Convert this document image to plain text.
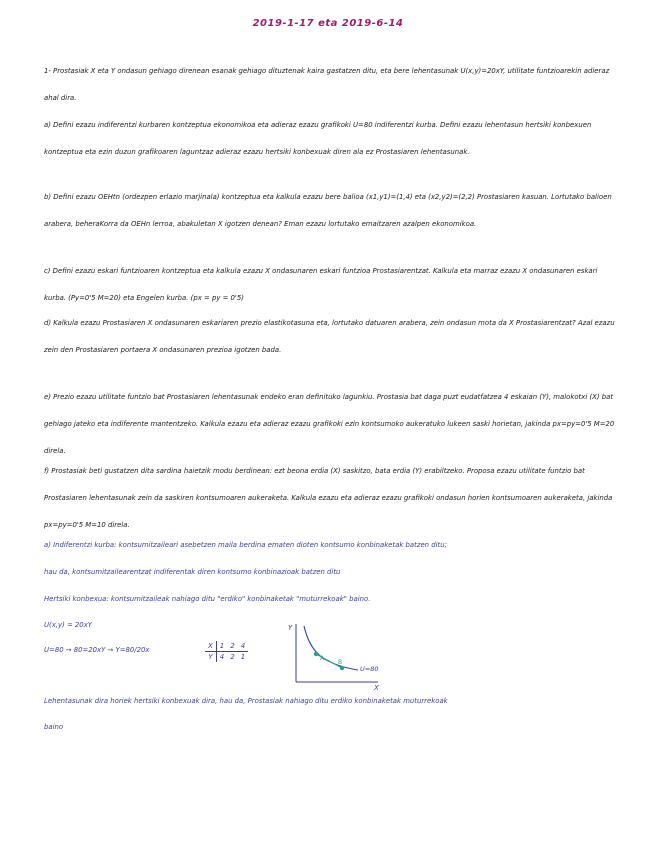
2019-1-17 eta 2019-6-14

1- Prostasiak X eta Y ondasun gehiago direnean esanak gehiago dituztenak kaira gastatzen ditu, eta bere lehentasunak U(x,y)=20xY, utilitate funtzioarekin adieraz ahal dira.

a) Defini ezazu indiferentzi kurbaren kontzeptua ekonomikoa eta adieraz ezazu grafikoki U=80 indiferentzi kurba. Defini ezazu lehentasun hertsiki konbexuen kontzeptua eta ezin duzun grafikoaren laguntzaz adieraz ezazu hertsiki konbexuak diren ala ez Prostasiaren lehentasunak.

b) Defini ezazu OEHtn (ordezpen erlazio marjinala) kontzeptua eta kalkula ezazu bere balioa (x1,y1)=(1,4) eta (x2,y2)=(2,2) Prostasiaren kasuan. Lortutako balioen arabera, beheraKorra da OEHn lerroa, abakuletan X igotzen denean? Eman ezazu lortutako emaitzaren azalpen ekonomikoa.

c) Defini ezazu eskari funtzioaren kontzeptua eta kalkula ezazu X ondasunaren eskari funtzioa Prostasiarentzat. Kalkula eta marraz ezazu X ondasunaren eskari kurba. (Py=0'5 M=20) eta Engelen kurba. (px = py = 0'5)

d) Kalkula ezazu Prostasiaren X ondasunaren eskariaren prezio elastikotasuna eta, lortutako datuaren arabera, zein ondasun mota da X Prostasiarentzat? Azal ezazu zein den Prostasiaren portaera X ondasunaren prezioa igotzen bada.

e) Prezio ezazu utilitate funtzio bat Prostasiaren lehentasunak endeko eran definituko lagunkiu. Prostasia bat daga puzt eudatfatzea 4 eskaian (Y), malokotxi (X) bat gehiago jateko eta indiferente mantentzeko. Kalkula ezazu eta adieraz ezazu grafikoki ezin kontsumoko aukeratuko lukeen saski horietan, jakinda px=py=0'5 M=20 direla.

f) Prostasiak beti gustatzen dita sardina haietzik modu berdinean: ezt beona erdia (X) saskitzo, bata erdia (Y) erabiltzeko. Proposa ezazu utilitate funtzio bat Prostasiaren lehentasunak zein da saskiren kontsumoaren aukeraketa. Kalkula ezazu eta adieraz ezazu grafikoki ondasun horien kontsumoaren aukeraketa, jakinda px=py=0'5 M=10 direla.

a) Indiferentzi kurba: kontsumitzaileari asebetzen maila berdina ematen dioten kontsumo konbinaketak batzen ditu;
hau da, kontsumitzailearentzat indiferentak diren kontsumo konbinazioak batzen ditu
Hertsiki konbexua: kontsumitzaileak nahiago ditu "erdiko" konbinaketak "muturrekoak" baino.
U(x,y) = 20xY
U=80 → 80=20xY → Y=80/20x	X	1	2	4
Y	4	2	1
Y
X
A
B
U=80
Lehentasunak dira horiek hertsiki konbexuak dira, hau da, Prostasiak nahiago ditu erdiko konbinaketak muturrekoak
baino
